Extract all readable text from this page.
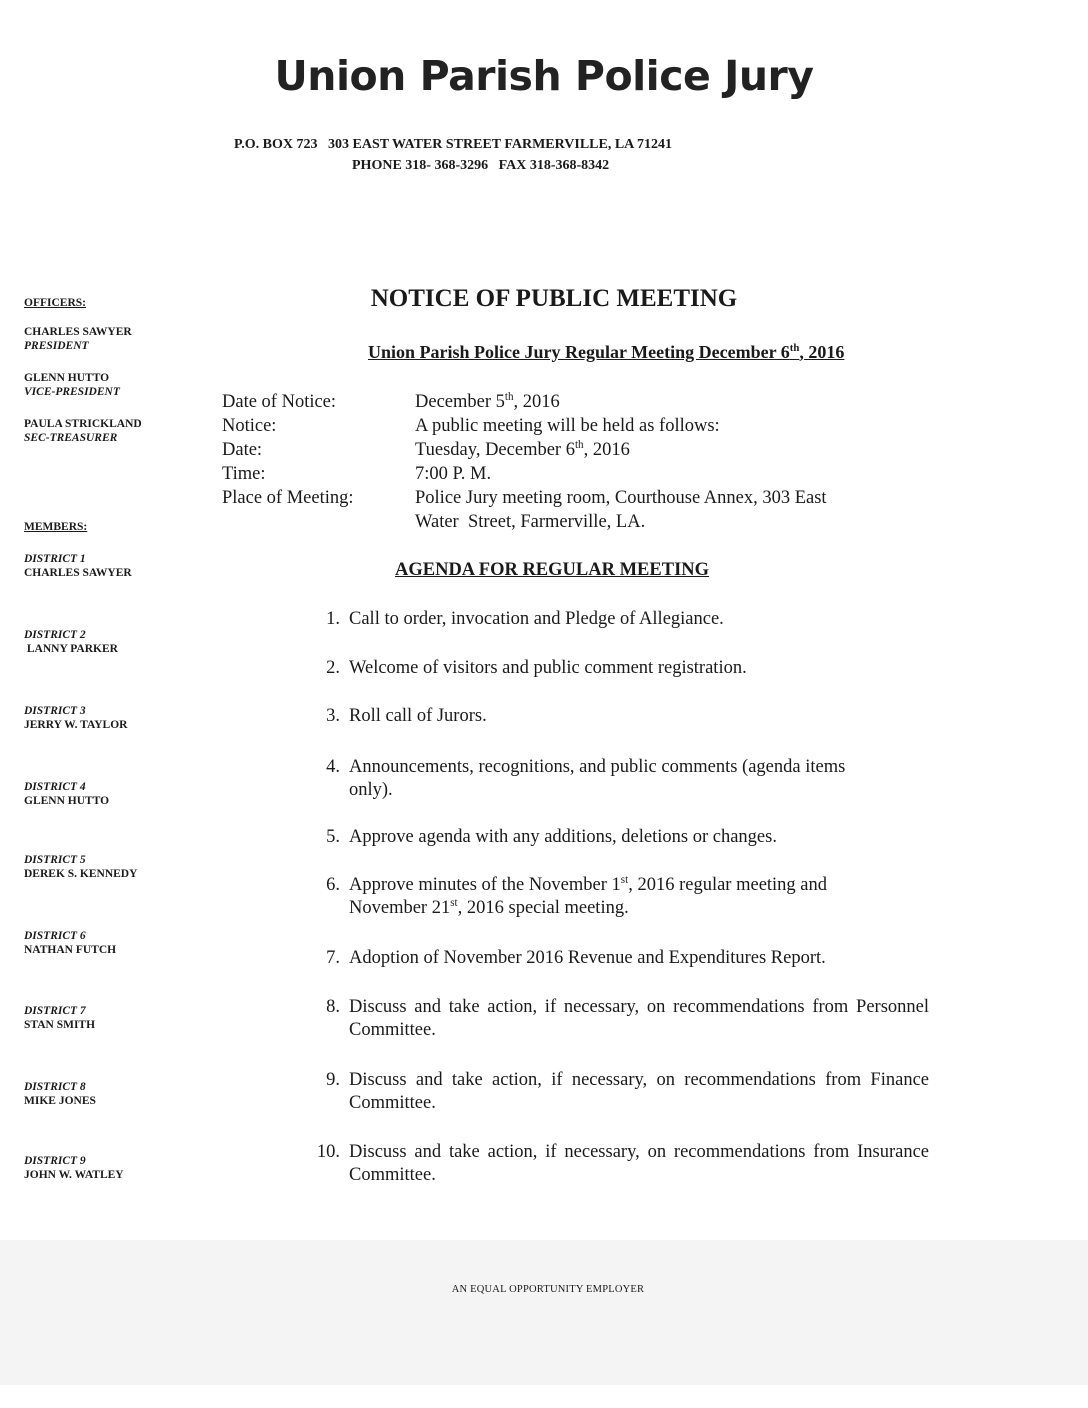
Union Parish Police Jury
P.O. BOX 723   303 EAST WATER STREET FARMERVILLE, LA 71241
PHONE 318- 368-3296   FAX 318-368-8342
OFFICERS:
CHARLES SAWYER
PRESIDENT
GLENN HUTTO
VICE-PRESIDENT
PAULA STRICKLAND
SEC-TREASURER
MEMBERS:
DISTRICT 1
CHARLES SAWYER
DISTRICT 2
LANNY PARKER
DISTRICT 3
JERRY W. TAYLOR
DISTRICT 4
GLENN HUTTO
DISTRICT 5
DEREK S. KENNEDY
DISTRICT 6
NATHAN FUTCH
DISTRICT 7
STAN SMITH
DISTRICT 8
MIKE JONES
DISTRICT 9
JOHN W. WATLEY
NOTICE OF PUBLIC MEETING
Union Parish Police Jury Regular Meeting December 6th, 2016
Date of Notice:	December 5th, 2016
Notice:	A public meeting will be held as follows:
Date:	Tuesday, December 6th, 2016
Time:	7:00 P. M.
Place of Meeting:	Police Jury meeting room, Courthouse Annex, 303 East
Water  Street, Farmerville, LA.
AGENDA FOR REGULAR MEETING
1. Call to order, invocation and Pledge of Allegiance.
2. Welcome of visitors and public comment registration.
3. Roll call of Jurors.
4. Announcements, recognitions, and public comments (agenda items only).
5. Approve agenda with any additions, deletions or changes.
6. Approve minutes of the November 1st, 2016 regular meeting and
November 21st, 2016 special meeting.
7. Adoption of November 2016 Revenue and Expenditures Report.
8. Discuss and take action, if necessary, on recommendations from Personnel Committee.
9. Discuss and take action, if necessary, on recommendations from Finance Committee.
10. Discuss and take action, if necessary, on recommendations from Insurance Committee.
AN EQUAL OPPORTUNITY EMPLOYER
